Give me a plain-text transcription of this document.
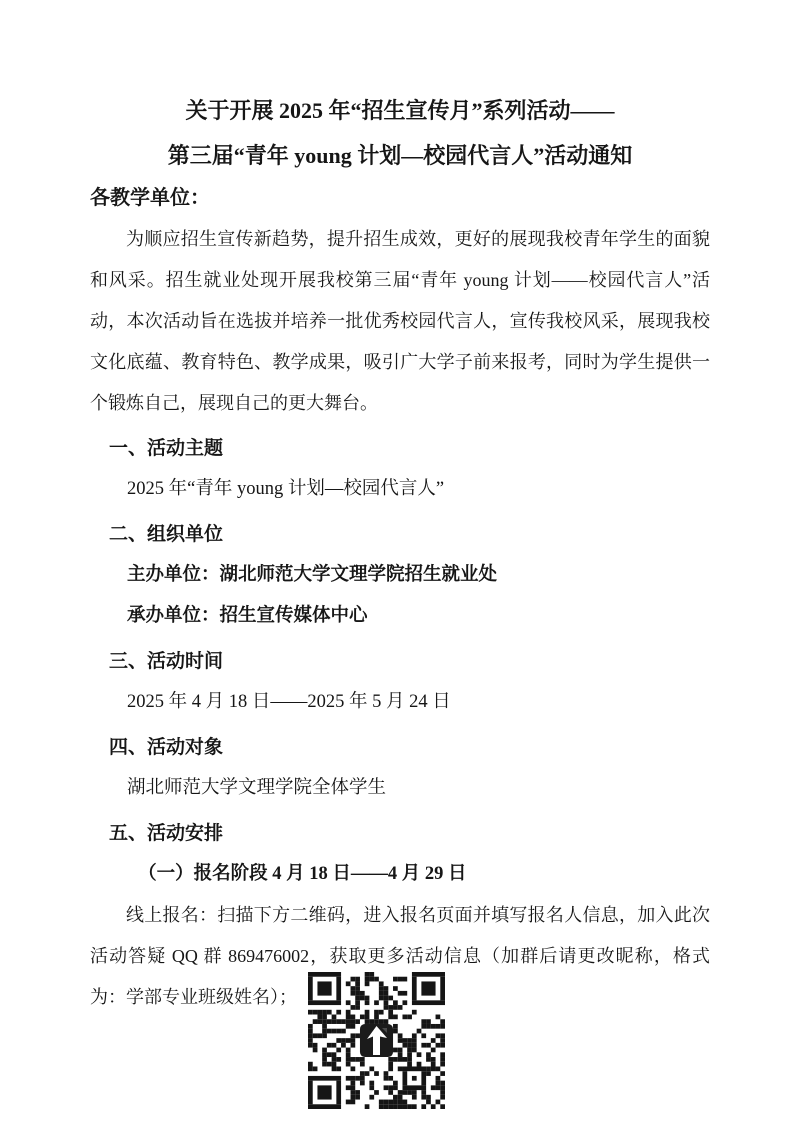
关于开展 2025 年“招生宣传月”系列活动——
第三届“青年 young 计划—校园代言人”活动通知
各教学单位：

为顺应招生宣传新趋势，提升招生成效，更好的展现我校青年学生的面貌和风采。招生就业处现开展我校第三届“青年 young 计划——校园代言人”活动，本次活动旨在选拔并培养一批优秀校园代言人，宣传我校风采，展现我校文化底蕴、教育特色、教学成果，吸引广大学子前来报考，同时为学生提供一个锻炼自己，展现自己的更大舞台。

一、活动主题
2025 年“青年 young 计划—校园代言人”
二、组织单位
主办单位：湖北师范大学文理学院招生就业处
承办单位：招生宣传媒体中心
三、活动时间
2025 年 4 月 18 日——2025 年 5 月 24 日
四、活动对象
湖北师范大学文理学院全体学生
五、活动安排
（一）报名阶段 4 月 18 日——4 月 29 日

线上报名：扫描下方二维码，进入报名页面并填写报名人信息，加入此次活动答疑 QQ 群 869476002，获取更多活动信息（加群后请更改昵称，格式为：学部专业班级姓名）；
